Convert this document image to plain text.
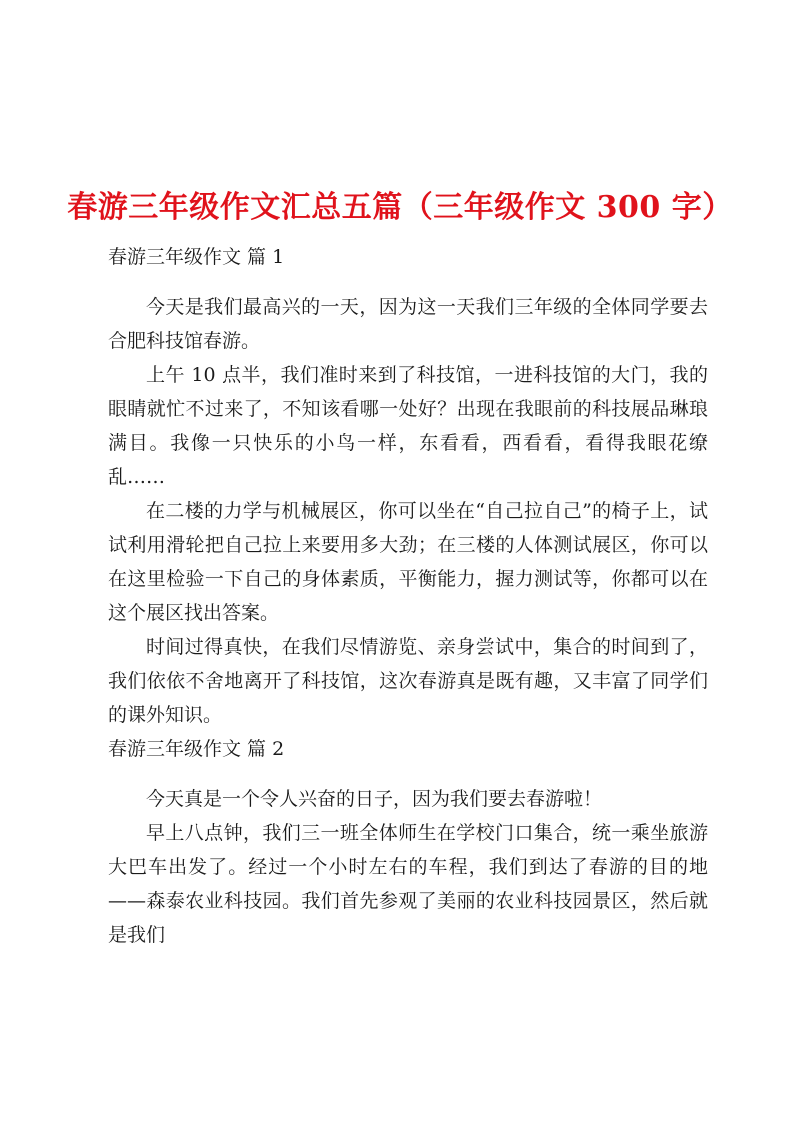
春游三年级作文汇总五篇（三年级作文 300 字）

春游三年级作文 篇 1

今天是我们最高兴的一天，因为这一天我们三年级的全体同学要去合肥科技馆春游。

上午 10 点半，我们准时来到了科技馆，一进科技馆的大门，我的眼睛就忙不过来了，不知该看哪一处好？出现在我眼前的科技展品琳琅满目。我像一只快乐的小鸟一样，东看看，西看看，看得我眼花缭乱……

在二楼的力学与机械展区，你可以坐在“自己拉自己”的椅子上，试试利用滑轮把自己拉上来要用多大劲；在三楼的人体测试展区，你可以在这里检验一下自己的身体素质，平衡能力，握力测试等，你都可以在这个展区找出答案。

时间过得真快，在我们尽情游览、亲身尝试中，集合的时间到了，我们依依不舍地离开了科技馆，这次春游真是既有趣，又丰富了同学们的课外知识。

春游三年级作文 篇 2

今天真是一个令人兴奋的日子，因为我们要去春游啦！

早上八点钟，我们三一班全体师生在学校门口集合，统一乘坐旅游大巴车出发了。经过一个小时左右的车程，我们到达了春游的目的地——森泰农业科技园。我们首先参观了美丽的农业科技园景区，然后就是我们
